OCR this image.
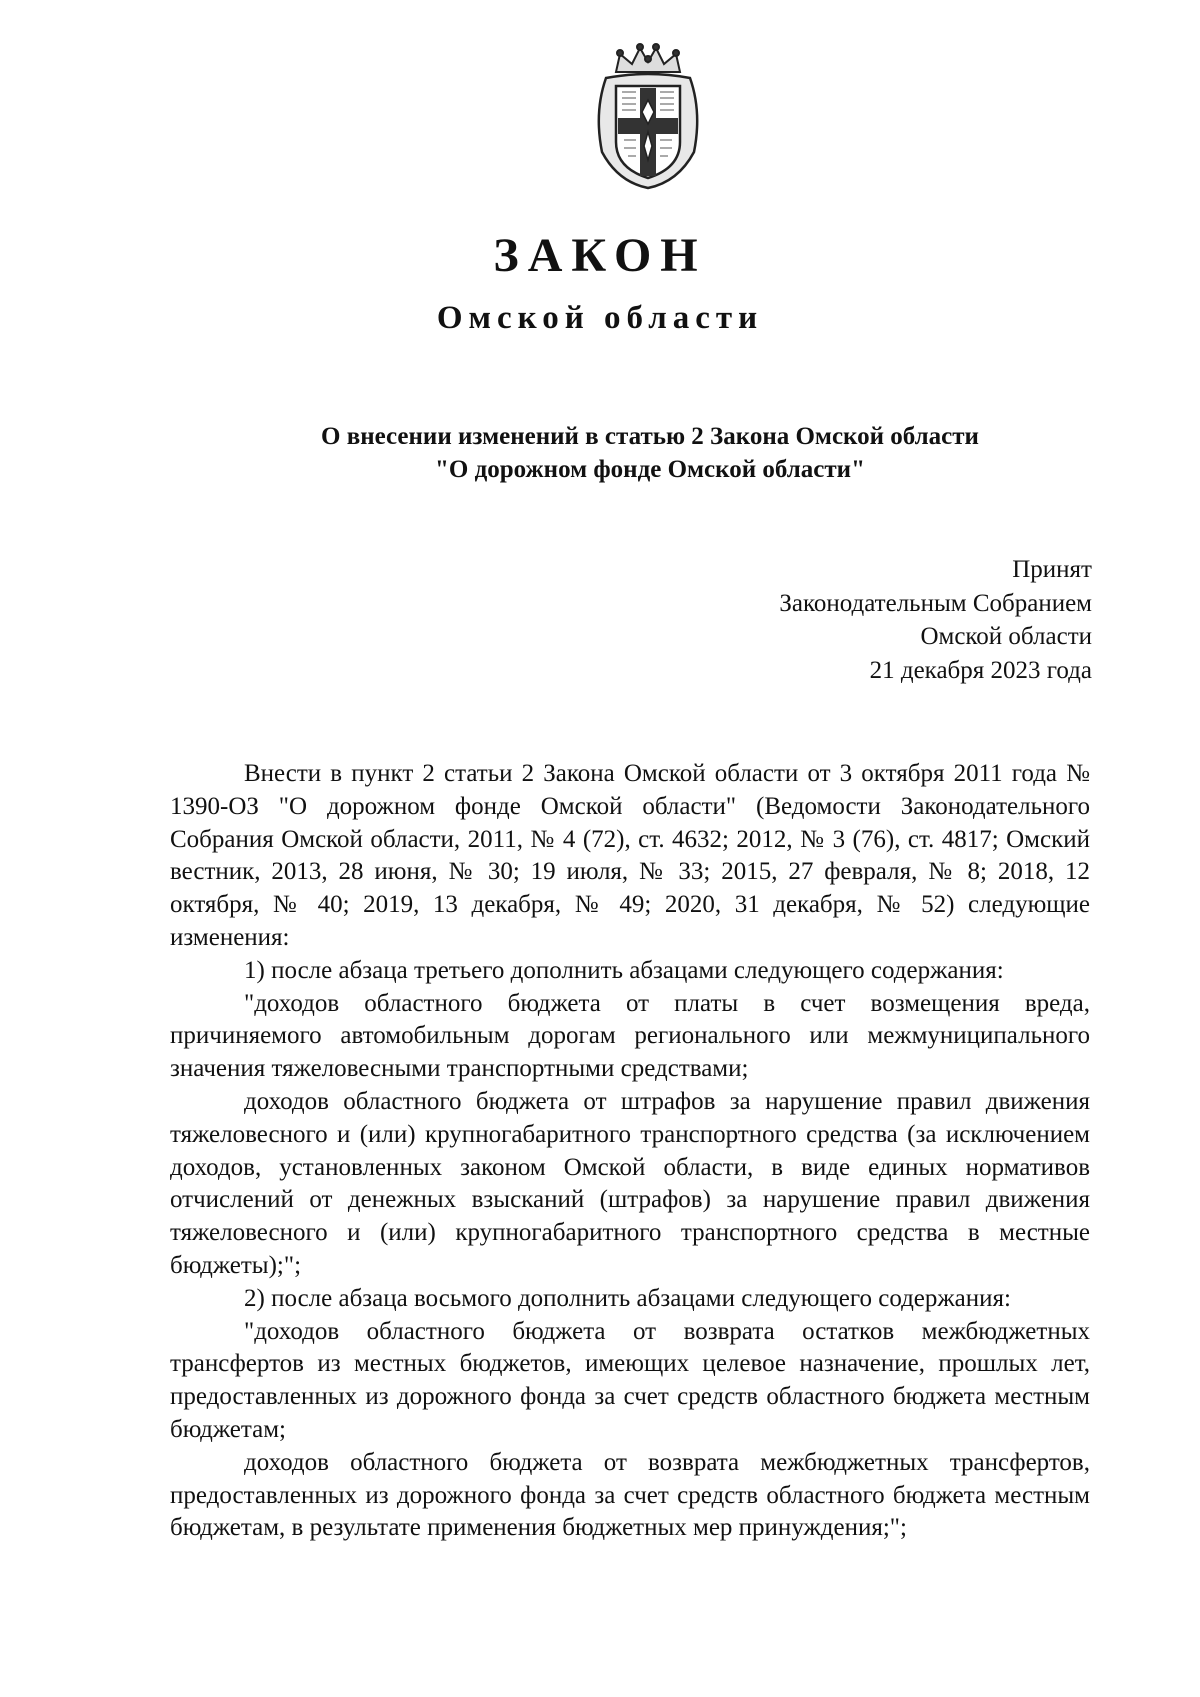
ЗАКОН
Омской области
О внесении изменений в статью 2 Закона Омской области
"О дорожном фонде Омской области"
Принят
Законодательным Собранием
Омской области
21 декабря 2023 года

Внести в пункт 2 статьи 2 Закона Омской области от 3 октября 2011 года № 1390-ОЗ "О дорожном фонде Омской области" (Ведомости Законодательного Собрания Омской области, 2011, № 4 (72), ст. 4632; 2012, № 3 (76), ст. 4817; Омский вестник, 2013, 28 июня, № 30; 19 июля, № 33; 2015, 27 февраля, № 8; 2018, 12 октября, № 40; 2019, 13 декабря, № 49; 2020, 31 декабря, № 52) следующие изменения:

1) после абзаца третьего дополнить абзацами следующего содержания:

"доходов областного бюджета от платы в счет возмещения вреда, причиняемого автомобильным дорогам регионального или межмуниципального значения тяжеловесными транспортными средствами;

доходов областного бюджета от штрафов за нарушение правил движения тяжеловесного и (или) крупногабаритного транспортного средства (за исключением доходов, установленных законом Омской области, в виде единых нормативов отчислений от денежных взысканий (штрафов) за нарушение правил движения тяжеловесного и (или) крупногабаритного транспортного средства в местные бюджеты);";

2) после абзаца восьмого дополнить абзацами следующего содержания:

"доходов областного бюджета от возврата остатков межбюджетных трансфертов из местных бюджетов, имеющих целевое назначение, прошлых лет, предоставленных из дорожного фонда за счет средств областного бюджета местным бюджетам;

доходов областного бюджета от возврата межбюджетных трансфертов, предоставленных из дорожного фонда за счет средств областного бюджета местным бюджетам, в результате применения бюджетных мер принуждения;";
